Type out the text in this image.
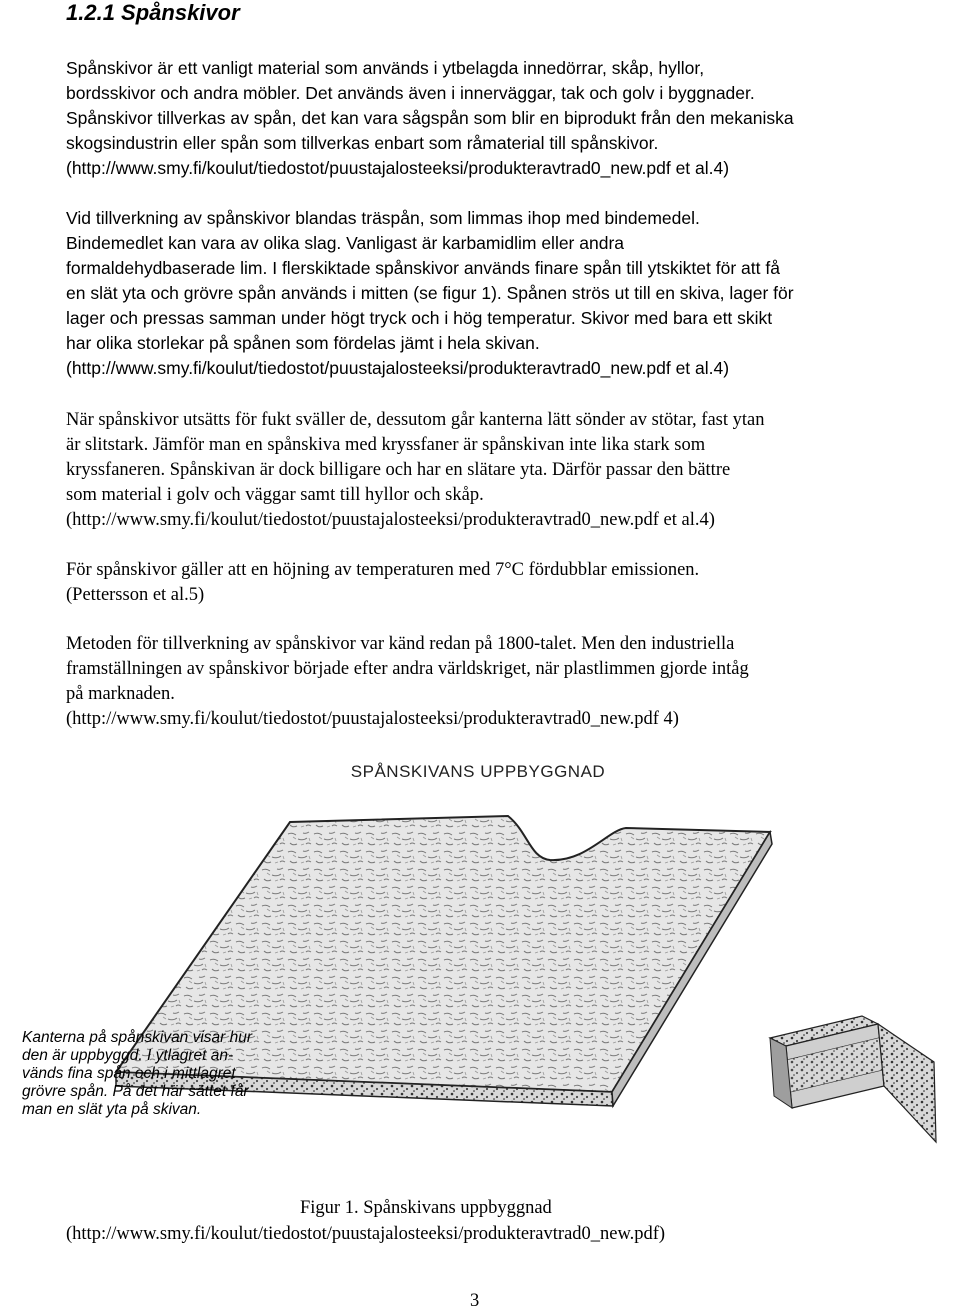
1.2.1 Spånskivor

Spånskivor är ett vanligt material som används i ytbelagda innedörrar, skåp, hyllor,
bordsskivor och andra möbler. Det används även i innerväggar, tak och golv i byggnader.
Spånskivor tillverkas av spån, det kan vara sågspån som blir en biprodukt från den mekaniska
skogsindustrin eller spån som tillverkas enbart som råmaterial till spånskivor.
(http://www.smy.fi/koulut/tiedostot/puustajalosteeksi/produkteravtrad0_new.pdf et al.4)

Vid tillverkning av spånskivor blandas träspån, som limmas ihop med bindemedel.
Bindemedlet kan vara av olika slag. Vanligast är karbamidlim eller andra
formaldehydbaserade lim. I flerskiktade spånskivor används finare spån till ytskiktet för att få
en slät yta och grövre spån används i mitten (se figur 1). Spånen strös ut till en skiva, lager för
lager och pressas samman under högt tryck och i hög temperatur. Skivor med bara ett skikt
har olika storlekar på spånen som fördelas jämt i hela skivan.
(http://www.smy.fi/koulut/tiedostot/puustajalosteeksi/produkteravtrad0_new.pdf et al.4)

När spånskivor utsätts för fukt sväller de, dessutom går kanterna lätt sönder av stötar, fast ytan
är slitstark. Jämför man en spånskiva med kryssfaner är spånskivan inte lika stark som
kryssfaneren. Spånskivan är dock billigare och har en slätare yta. Därför passar den bättre
som material i golv och väggar samt till hyllor och skåp.
(http://www.smy.fi/koulut/tiedostot/puustajalosteeksi/produkteravtrad0_new.pdf et al.4)

För spånskivor gäller att en höjning av temperaturen med 7°C fördubblar emissionen.
(Pettersson et al.5)

Metoden för tillverkning av spånskivor var känd redan på 1800-talet. Men den industriella
framställningen av spånskivor började efter andra världskriget, när plastlimmen gjorde intåg
på marknaden.
(http://www.smy.fi/koulut/tiedostot/puustajalosteeksi/produkteravtrad0_new.pdf 4)

SPÅNSKIVANS UPPBYGGNAD
Kanterna på spånskivan visar hur
den är uppbyggd. I ytlagret an-
vänds fina spån och i mittlagret
grövre spån. På det här sättet får
man en slät yta på skivan.
Figur 1. Spånskivans uppbyggnad
(http://www.smy.fi/koulut/tiedostot/puustajalosteeksi/produkteravtrad0_new.pdf)
3
